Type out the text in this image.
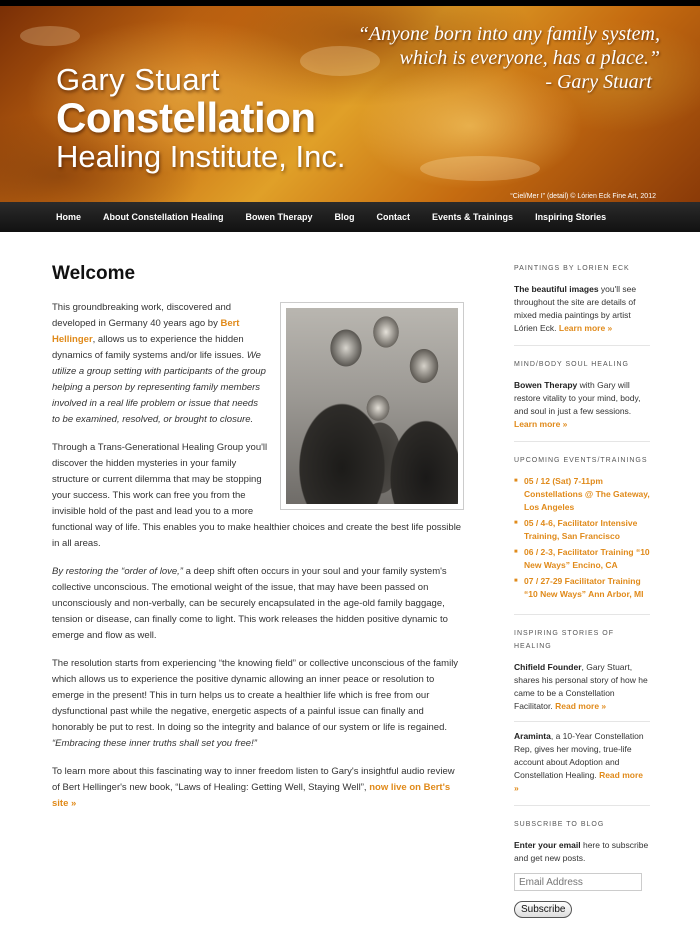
Gary Stuart
Constellation
Healing Institute, Inc.
“Anyone born into any family system,
which is everyone, has a place.”
- Gary Stuart
“Ciel/Mer I” (detail) © Lórien Eck Fine Art, 2012
Home About Constellation Healing Bowen Therapy Blog Contact Events & Trainings Inspiring Stories
Welcome

This groundbreaking work, discovered and developed in Germany 40 years ago by Bert Hellinger, allows us to experience the hidden dynamics of family systems and/or life issues. We utilize a group setting with participants of the group helping a person by representing family members involved in a real life problem or issue that needs to be examined, resolved, or brought to closure.

Through a Trans-Generational Healing Group you'll discover the hidden mysteries in your family structure or current dilemma that may be stopping your success. This work can free you from the invisible hold of the past and lead you to a more functional way of life. This enables you to make healthier choices and create the best life possible in all areas.

By restoring the “order of love,” a deep shift often occurs in your soul and your family system's collective unconscious. The emotional weight of the issue, that may have been passed on unconsciously and non-verbally, can be securely encapsulated in the age-old family baggage, tension or disease, can finally come to light. This work releases the hidden positive dynamic to emerge and flow as well.

The resolution starts from experiencing “the knowing field” or collective unconscious of the family which allows us to experience the positive dynamic allowing an inner peace or resolution to emerge in the present! This in turn helps us to create a healthier life which is free from our dysfunctional past while the negative, energetic aspects of a painful issue can finally and honorably be put to rest. In doing so the integrity and balance of our system or life is regained. “Embracing these inner truths shall set you free!”

To learn more about this fascinating way to inner freedom listen to Gary's insightful audio review of Bert Hellinger's new book, “Laws of Healing: Getting Well, Staying Well”, now live on Bert's site »

PAINTINGS BY LORIEN ECK
The beautiful images you'll see throughout the site are details of mixed media paintings by artist Lórien Eck. Learn more »
MIND/BODY SOUL HEALING
Bowen Therapy with Gary will restore vitality to your mind, body, and soul in just a few sessions. Learn more »
UPCOMING EVENTS/TRAININGS
■ 05 / 12 (Sat) 7-11pm Constellations @ The Gateway, Los Angeles
■ 05 / 4-6, Facilitator Intensive Training, San Francisco
■ 06 / 2-3, Facilitator Training “10 New Ways” Encino, CA
■ 07 / 27-29 Facilitator Training “10 New Ways” Ann Arbor, MI
INSPIRING STORIES OF HEALING
Chifield Founder, Gary Stuart, shares his personal story of how he came to be a Constellation Facilitator. Read more »
Araminta, a 10-Year Constellation Rep, gives her moving, true-life account about Adoption and Constellation Healing. Read more »
SUBSCRIBE TO BLOG
Enter your email here to subscribe and get new posts.
Email Address Subscribe
